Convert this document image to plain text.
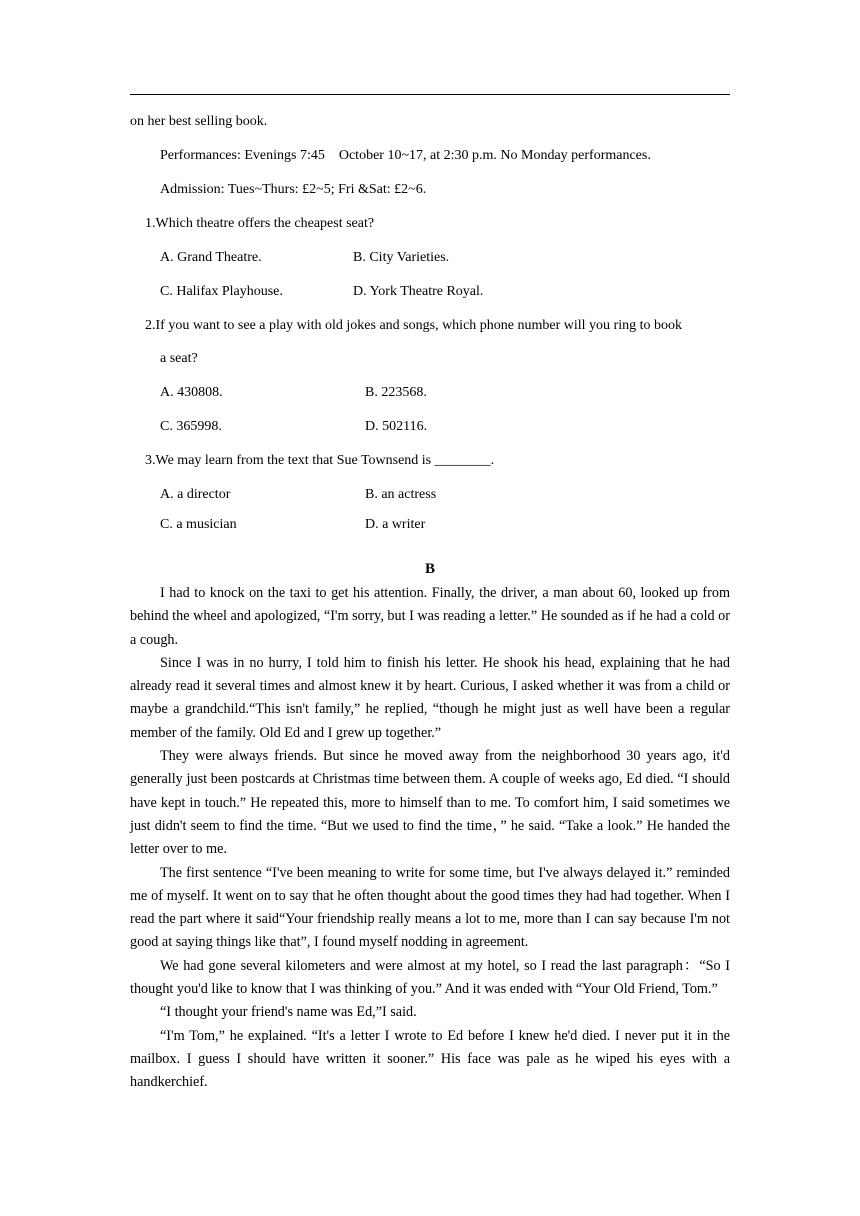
on her best selling book.
Performances: Evenings 7:45    October 10~17, at 2:30 p.m. No Monday performances.
Admission: Tues~Thurs: £2~5; Fri &Sat: £2~6.
1.Which theatre offers the cheapest seat?
A. Grand Theatre.	B. City Varieties.
C. Halifax Playhouse.	D. York Theatre Royal.
2.If you want to see a play with old jokes and songs, which phone number will you ring to book
a seat?
A. 430808.	B. 223568.
C. 365998.	D. 502116.
3.We may learn from the text that Sue Townsend is ________.
A. a director	B. an actress
C. a musician	D. a writer
B

I had to knock on the taxi to get his attention. Finally, the driver, a man about 60, looked up from behind the wheel and apologized, “I'm sorry, but I was reading a letter.” He sounded as if he had a cold or a cough.

Since I was in no hurry, I told him to finish his letter. He shook his head, explaining that he had already read it several times and almost knew it by heart. Curious, I asked whether it was from a child or maybe a grandchild.“This isn't family,” he replied, “though he might just as well have been a regular member of the family. Old Ed and I grew up together.”

They were always friends. But since he moved away from the neighborhood 30 years ago, it'd generally just been postcards at Christmas time between them. A couple of weeks ago, Ed died. “I should have kept in touch.” He repeated this, more to himself than to me. To comfort him, I said sometimes we just didn't seem to find the time. “But we used to find the time，” he said. “Take a look.” He handed the letter over to me.

The first sentence “I've been meaning to write for some time, but I've always delayed it.” reminded me of myself. It went on to say that he often thought about the good times they had had together. When I read the part where it said“Your friendship really means a lot to me, more than I can say because I'm not good at saying things like that”, I found myself nodding in agreement.

We had gone several kilometers and were almost at my hotel, so I read the last paragraph：“So I thought you'd like to know that I was thinking of you.” And it was ended with “Your Old Friend, Tom.”

“I thought your friend's name was Ed,”I said.

“I'm Tom,” he explained. “It's a letter I wrote to Ed before I knew he'd died. I never put it in the mailbox. I guess I should have written it sooner.” His face was pale as he wiped his eyes with a handkerchief.
